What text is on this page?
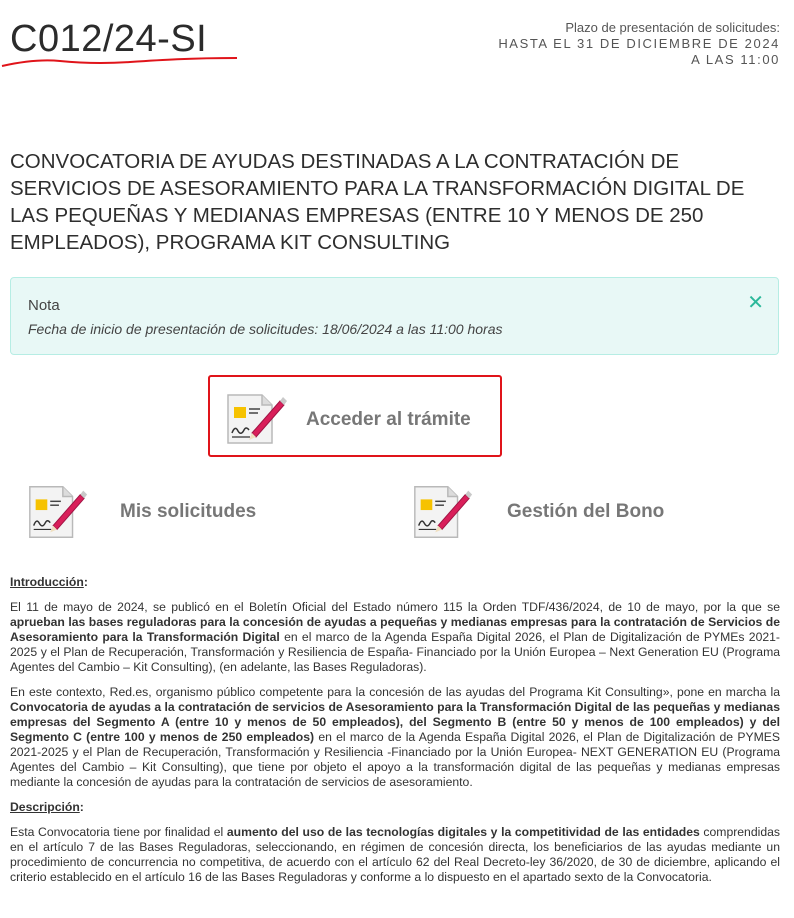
C012/24-SI	Plazo de presentación de solicitudes:
HASTA EL 31 DE DICIEMBRE DE 2024
A LAS 11:00
CONVOCATORIA DE AYUDAS DESTINADAS A LA CONTRATACIÓN DE SERVICIOS DE ASESORAMIENTO PARA LA TRANSFORMACIÓN DIGITAL DE LAS PEQUEÑAS Y MEDIANAS EMPRESAS (ENTRE 10 Y MENOS DE 250 EMPLEADOS), PROGRAMA KIT CONSULTING
Nota
Fecha de inicio de presentación de solicitudes: 18/06/2024 a las 11:00 horas
✕
Acceder al trámite
Mis solicitudes	Gestión del Bono
Introducción:

El 11 de mayo de 2024, se publicó en el Boletín Oficial del Estado número 115 la Orden TDF/436/2024, de 10 de mayo, por la que se aprueban las bases reguladoras para la concesión de ayudas a pequeñas y medianas empresas para la contratación de Servicios de Asesoramiento para la Transformación Digital en el marco de la Agenda España Digital 2026, el Plan de Digitalización de PYMEs 2021-2025 y el Plan de Recuperación, Transformación y Resiliencia de España- Financiado por la Unión Europea – Next Generation EU (Programa Agentes del Cambio – Kit Consulting), (en adelante, las Bases Reguladoras).

En este contexto, Red.es, organismo público competente para la concesión de las ayudas del Programa Kit Consulting», pone en marcha la Convocatoria de ayudas a la contratación de servicios de Asesoramiento para la Transformación Digital de las pequeñas y medianas empresas del Segmento A (entre 10 y menos de 50 empleados), del Segmento B (entre 50 y menos de 100 empleados) y del Segmento C (entre 100 y menos de 250 empleados) en el marco de la Agenda España Digital 2026, el Plan de Digitalización de PYMES 2021-2025 y el Plan de Recuperación, Transformación y Resiliencia -Financiado por la Unión Europea- NEXT GENERATION EU (Programa Agentes del Cambio – Kit Consulting), que tiene por objeto el apoyo a la transformación digital de las pequeñas y medianas empresas mediante la concesión de ayudas para la contratación de servicios de asesoramiento.

Descripción:

Esta Convocatoria tiene por finalidad el aumento del uso de las tecnologías digitales y la competitividad de las entidades comprendidas en el artículo 7 de las Bases Reguladoras, seleccionando, en régimen de concesión directa, los beneficiarios de las ayudas mediante un procedimiento de concurrencia no competitiva, de acuerdo con el artículo 62 del Real Decreto-ley 36/2020, de 30 de diciembre, aplicando el criterio establecido en el artículo 16 de las Bases Reguladoras y conforme a lo dispuesto en el apartado sexto de la Convocatoria.
